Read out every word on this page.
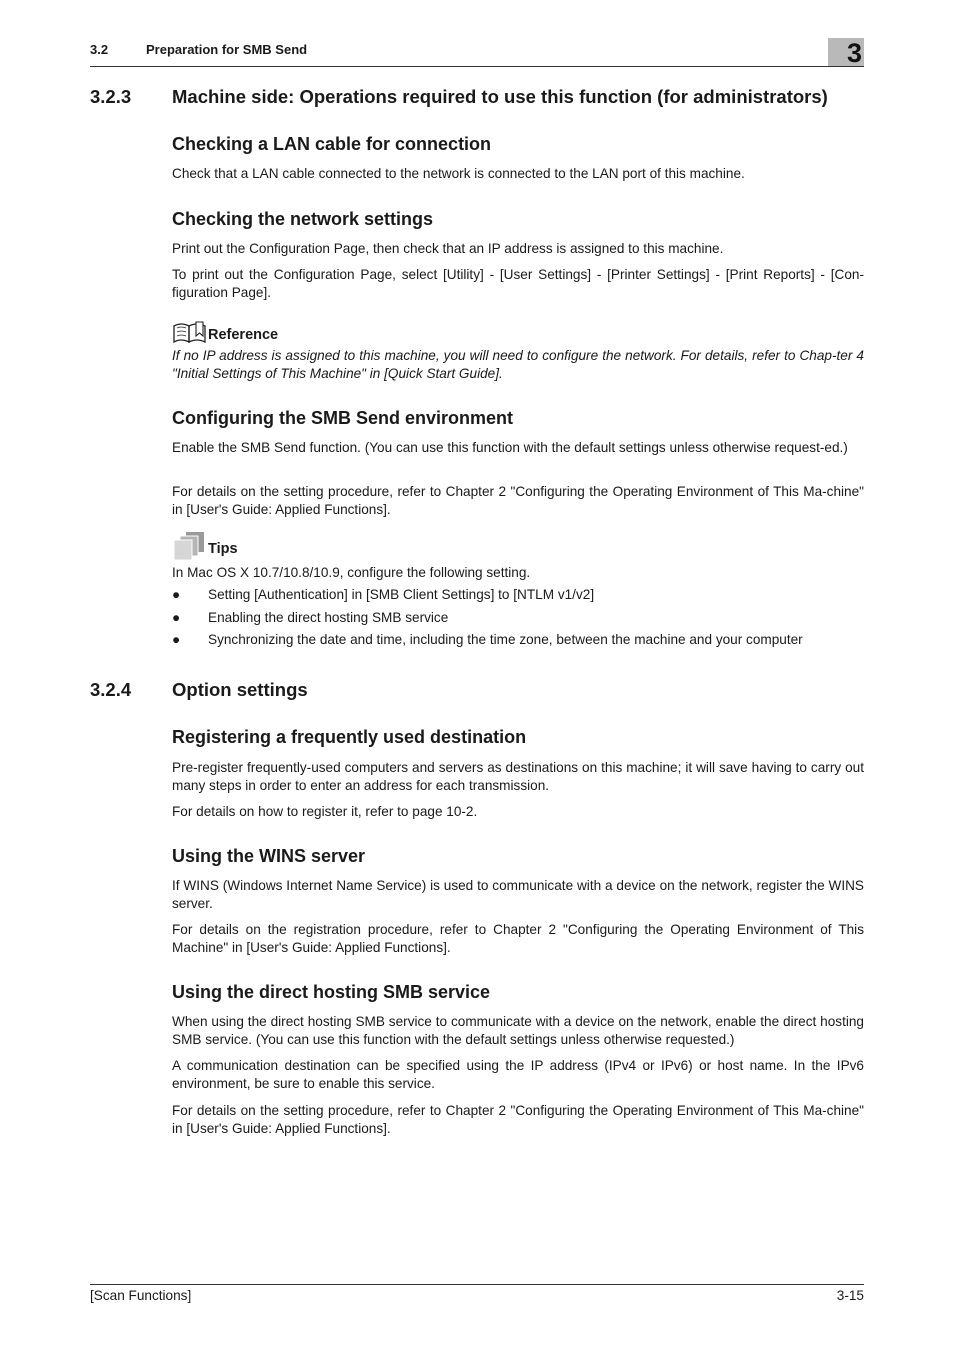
3.2	Preparation for SMB Send	3
3.2.3 Machine side: Operations required to use this function (for administrators)
Checking a LAN cable for connection

Check that a LAN cable connected to the network is connected to the LAN port of this machine.

Checking the network settings

Print out the Configuration Page, then check that an IP address is assigned to this machine.

To print out the Configuration Page, select [Utility] - [User Settings] - [Printer Settings] - [Print Reports] - [Con-figuration Page].

Reference

If no IP address is assigned to this machine, you will need to configure the network. For details, refer to Chap-ter 4 "Initial Settings of This Machine" in [Quick Start Guide].

Configuring the SMB Send environment

Enable the SMB Send function. (You can use this function with the default settings unless otherwise request-ed.)

For details on the setting procedure, refer to Chapter 2 "Configuring the Operating Environment of This Ma-chine" in [User's Guide: Applied Functions].

Tips

In Mac OS X 10.7/10.8/10.9, configure the following setting.

● Setting [Authentication] in [SMB Client Settings] to [NTLM v1/v2]
● Enabling the direct hosting SMB service
● Synchronizing the date and time, including the time zone, between the machine and your computer
3.2.4 Option settings
Registering a frequently used destination

Pre-register frequently-used computers and servers as destinations on this machine; it will save having to carry out many steps in order to enter an address for each transmission.

For details on how to register it, refer to page 10-2.

Using the WINS server

If WINS (Windows Internet Name Service) is used to communicate with a device on the network, register the WINS server.

For details on the registration procedure, refer to Chapter 2 "Configuring the Operating Environment of This Machine" in [User's Guide: Applied Functions].

Using the direct hosting SMB service

When using the direct hosting SMB service to communicate with a device on the network, enable the direct hosting SMB service. (You can use this function with the default settings unless otherwise requested.)

A communication destination can be specified using the IP address (IPv4 or IPv6) or host name. In the IPv6 environment, be sure to enable this service.

For details on the setting procedure, refer to Chapter 2 "Configuring the Operating Environment of This Ma-chine" in [User's Guide: Applied Functions].

[Scan Functions]	3-15
